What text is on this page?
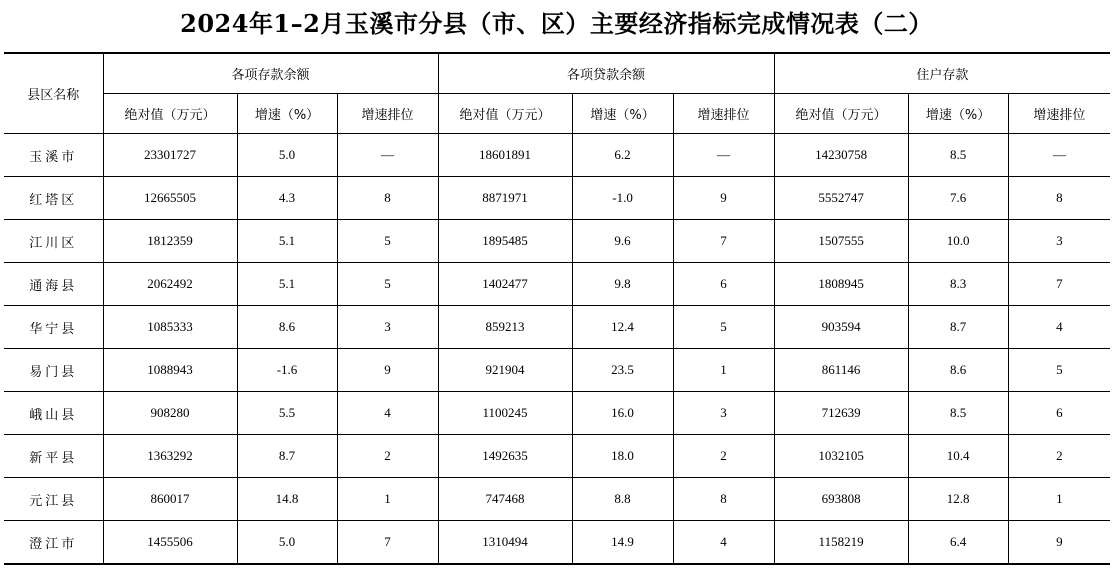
2024年1–2月玉溪市分县（市、区）主要经济指标完成情况表（二）
县区名称	各项存款余额			各项贷款余额			住户存款		
	绝对值（万元）	增速（%）	增速排位	绝对值（万元）	增速（%）	增速排位	绝对值（万元）	增速（%）	增速排位
玉溪市	23301727	5.0	—	18601891	6.2	—	14230758	8.5	—
红塔区	12665505	4.3	8	8871971	-1.0	9	5552747	7.6	8
江川区	1812359	5.1	5	1895485	9.6	7	1507555	10.0	3
通海县	2062492	5.1	5	1402477	9.8	6	1808945	8.3	7
华宁县	1085333	8.6	3	859213	12.4	5	903594	8.7	4
易门县	1088943	-1.6	9	921904	23.5	1	861146	8.6	5
峨山县	908280	5.5	4	1100245	16.0	3	712639	8.5	6
新平县	1363292	8.7	2	1492635	18.0	2	1032105	10.4	2
元江县	860017	14.8	1	747468	8.8	8	693808	12.8	1
澄江市	1455506	5.0	7	1310494	14.9	4	1158219	6.4	9
